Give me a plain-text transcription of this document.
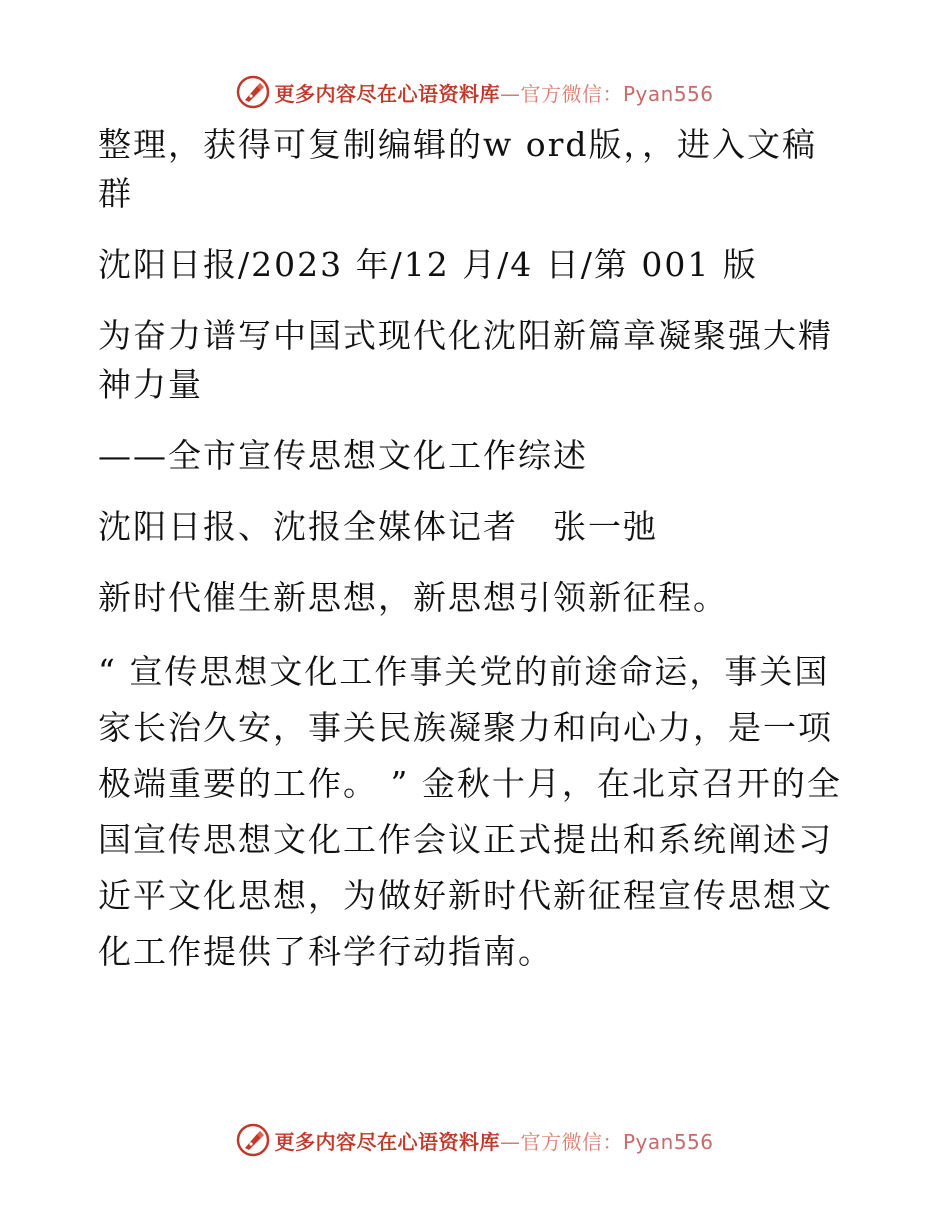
更多内容尽在心语资料库—官方微信：Pyan556

整理，获得可复制编辑的w ord版，，进入文稿群

沈阳日报/2023 年/12 月/4 日/第 001 版

为奋力谱写中国式现代化沈阳新篇章凝聚强大精神力量

——全市宣传思想文化工作综述

沈阳日报、沈报全媒体记者　张一弛

新时代催生新思想，新思想引领新征程。

“ 宣传思想文化工作事关党的前途命运，事关国家长治久安，事关民族凝聚力和向心力，是一项极端重要的工作。 ” 金秋十月，在北京召开的全国宣传思想文化工作会议正式提出和系统阐述习近平文化思想，为做好新时代新征程宣传思想文化工作提供了科学行动指南。

更多内容尽在心语资料库—官方微信：Pyan556
